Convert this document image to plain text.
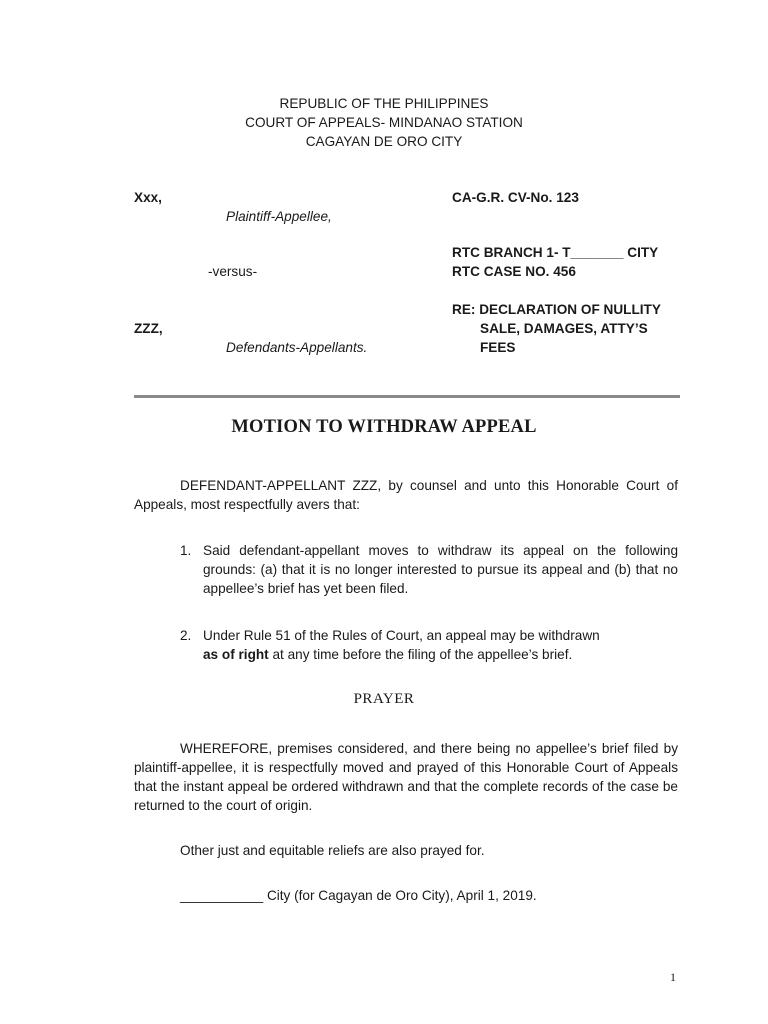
REPUBLIC OF THE PHILIPPINES
COURT OF APPEALS- MINDANAO STATION
CAGAYAN DE ORO CITY
Xxx,
Plaintiff-Appellee,
-versus-
ZZZ,
Defendants-Appellants.
CA-G.R. CV-No. 123
RTC BRANCH 1- T_______ CITY
RTC CASE NO. 456
RE: DECLARATION OF NULLITY
SALE, DAMAGES, ATTY’S
FEES
MOTION TO WITHDRAW APPEAL
DEFENDANT-APPELLANT ZZZ, by counsel and unto this Honorable Court of Appeals, most respectfully avers that:
1. Said defendant-appellant moves to withdraw its appeal on the following grounds: (a) that it is no longer interested to pursue its appeal and (b) that no appellee’s brief has yet been filed.
2. Under Rule 51 of the Rules of Court, an appeal may be withdrawn
as of right at any time before the filing of the appellee’s brief.
PRAYER
WHEREFORE, premises considered, and there being no appellee’s brief filed by plaintiff-appellee, it is respectfully moved and prayed of this Honorable Court of Appeals that the instant appeal be ordered withdrawn and that the complete records of the case be returned to the court of origin.
Other just and equitable reliefs are also prayed for.
___________ City (for Cagayan de Oro City), April 1, 2019.
1
